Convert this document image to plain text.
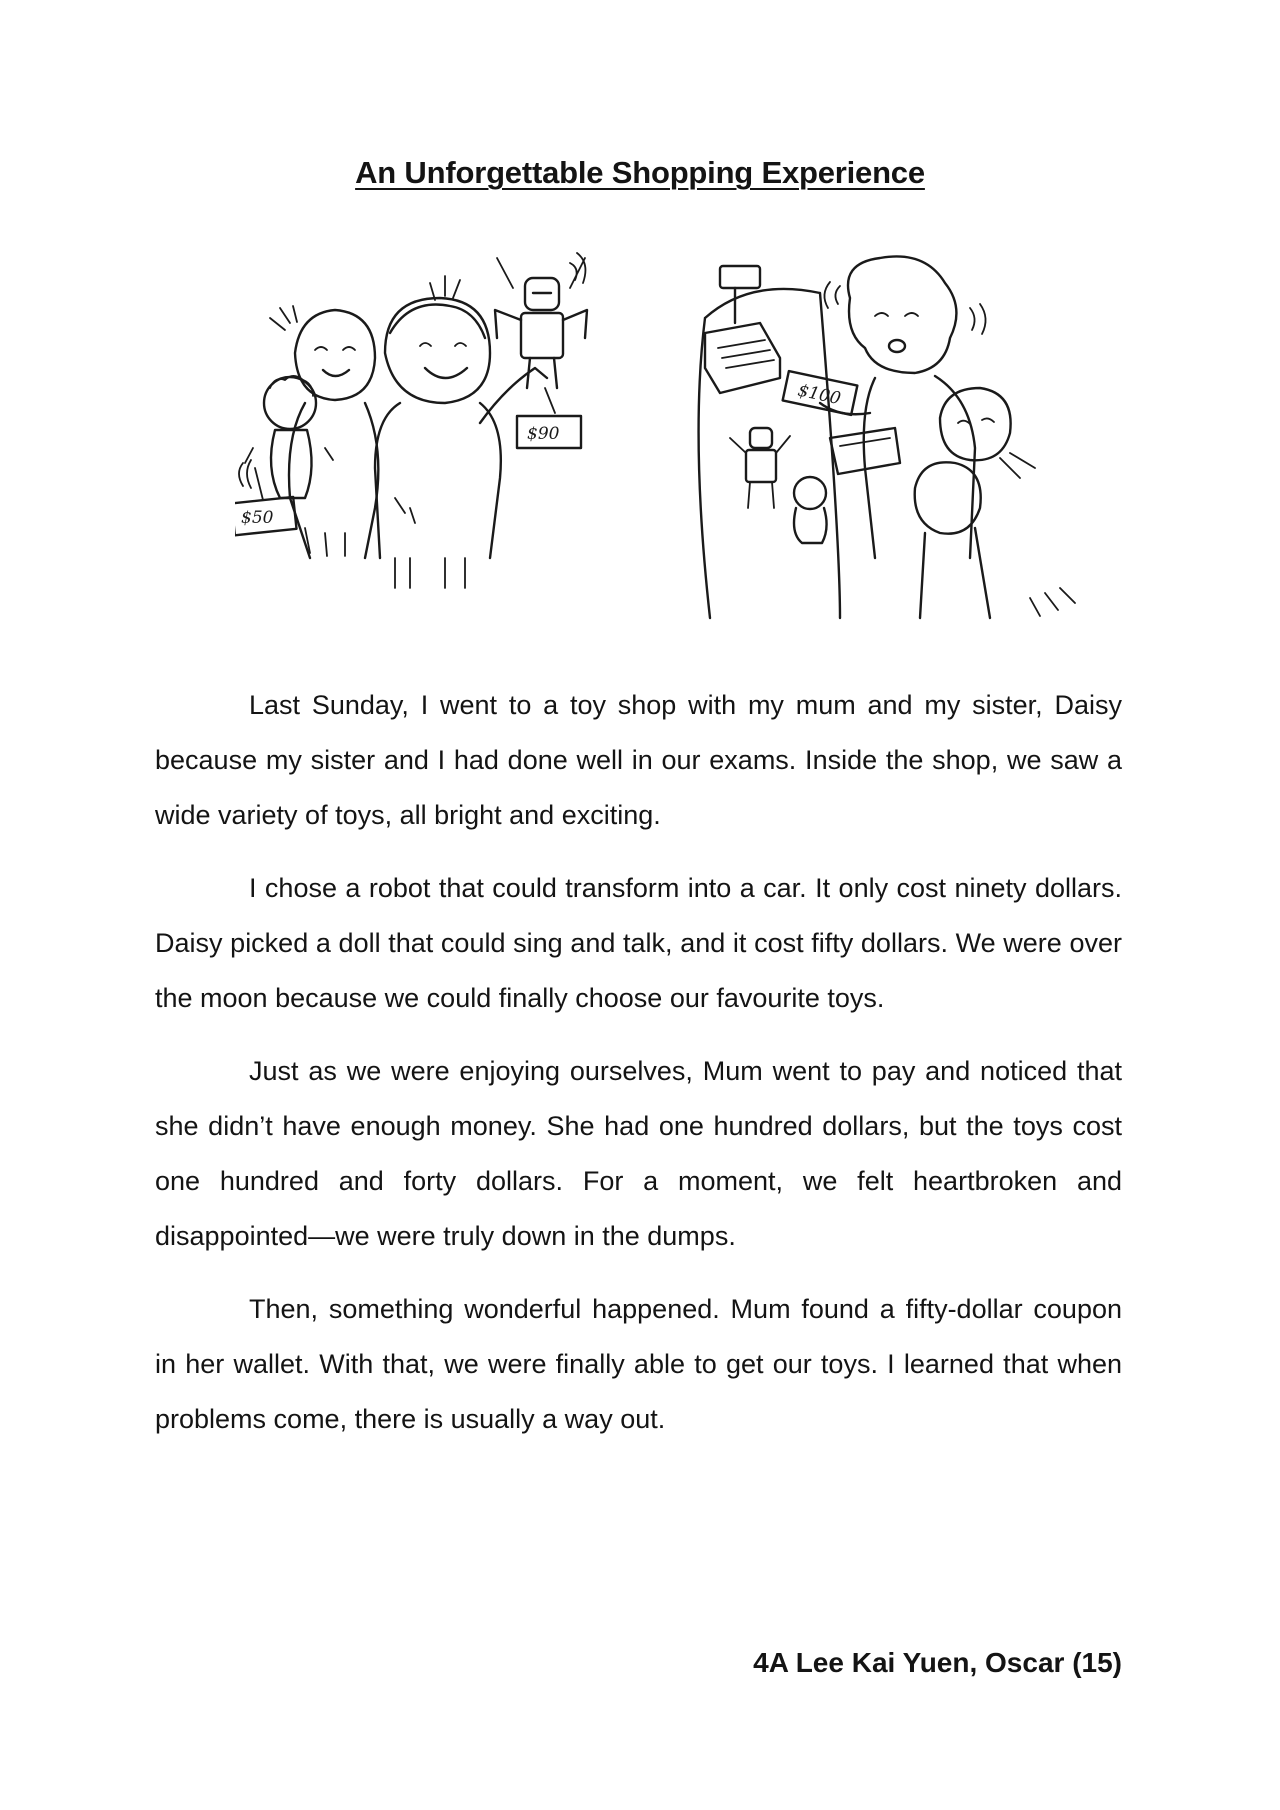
An Unforgettable Shopping Experience
$90
$50
$100

Last Sunday, I went to a toy shop with my mum and my sister, Daisy because my sister and I had done well in our exams. Inside the shop, we saw a wide variety of toys, all bright and exciting.

I chose a robot that could transform into a car. It only cost ninety dollars. Daisy picked a doll that could sing and talk, and it cost fifty dollars. We were over the moon because we could finally choose our favourite toys.

Just as we were enjoying ourselves, Mum went to pay and noticed that she didn’t have enough money. She had one hundred dollars, but the toys cost one hundred and forty dollars. For a moment, we felt heartbroken and disappointed—we were truly down in the dumps.

Then, something wonderful happened. Mum found a fifty-dollar coupon in her wallet. With that, we were finally able to get our toys. I learned that when problems come, there is usually a way out.

4A Lee Kai Yuen, Oscar (15)
